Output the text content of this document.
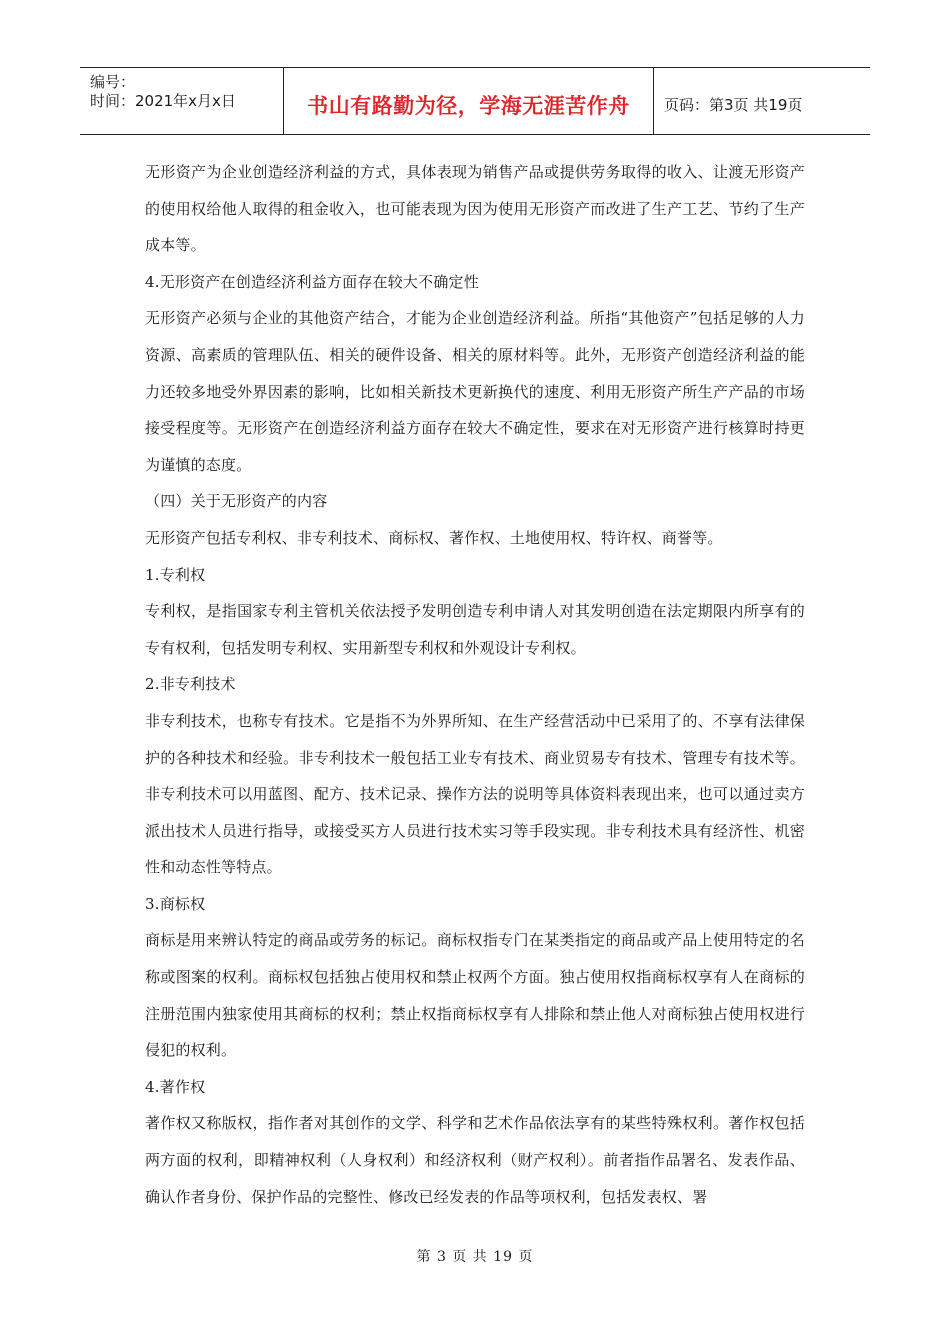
编号：
时间：2021年x月x日	书山有路勤为径，学海无涯苦作舟	页码：第3页 共19页

无形资产为企业创造经济利益的方式，具体表现为销售产品或提供劳务取得的收入、让渡无形资产的使用权给他人取得的租金收入，也可能表现为因为使用无形资产而改进了生产工艺、节约了生产成本等。

4.无形资产在创造经济利益方面存在较大不确定性

无形资产必须与企业的其他资产结合，才能为企业创造经济利益。所指“其他资产”包括足够的人力资源、高素质的管理队伍、相关的硬件设备、相关的原材料等。此外，无形资产创造经济利益的能力还较多地受外界因素的影响，比如相关新技术更新换代的速度、利用无形资产所生产产品的市场接受程度等。无形资产在创造经济利益方面存在较大不确定性，要求在对无形资产进行核算时持更为谨慎的态度。

（四）关于无形资产的内容

无形资产包括专利权、非专利技术、商标权、著作权、土地使用权、特许权、商誉等。

1.专利权

专利权，是指国家专利主管机关依法授予发明创造专利申请人对其发明创造在法定期限内所享有的专有权利，包括发明专利权、实用新型专利权和外观设计专利权。

2.非专利技术

非专利技术，也称专有技术。它是指不为外界所知、在生产经营活动中已采用了的、不享有法律保护的各种技术和经验。非专利技术一般包括工业专有技术、商业贸易专有技术、管理专有技术等。非专利技术可以用蓝图、配方、技术记录、操作方法的说明等具体资料表现出来，也可以通过卖方派出技术人员进行指导，或接受买方人员进行技术实习等手段实现。非专利技术具有经济性、机密性和动态性等特点。

3.商标权

商标是用来辨认特定的商品或劳务的标记。商标权指专门在某类指定的商品或产品上使用特定的名称或图案的权利。商标权包括独占使用权和禁止权两个方面。独占使用权指商标权享有人在商标的注册范围内独家使用其商标的权利；禁止权指商标权享有人排除和禁止他人对商标独占使用权进行侵犯的权利。

4.著作权

著作权又称版权，指作者对其创作的文学、科学和艺术作品依法享有的某些特殊权利。著作权包括两方面的权利，即精神权利（人身权利）和经济权利（财产权利）。前者指作品署名、发表作品、确认作者身份、保护作品的完整性、修改已经发表的作品等项权利，包括发表权、署

第 3 页 共 19 页
